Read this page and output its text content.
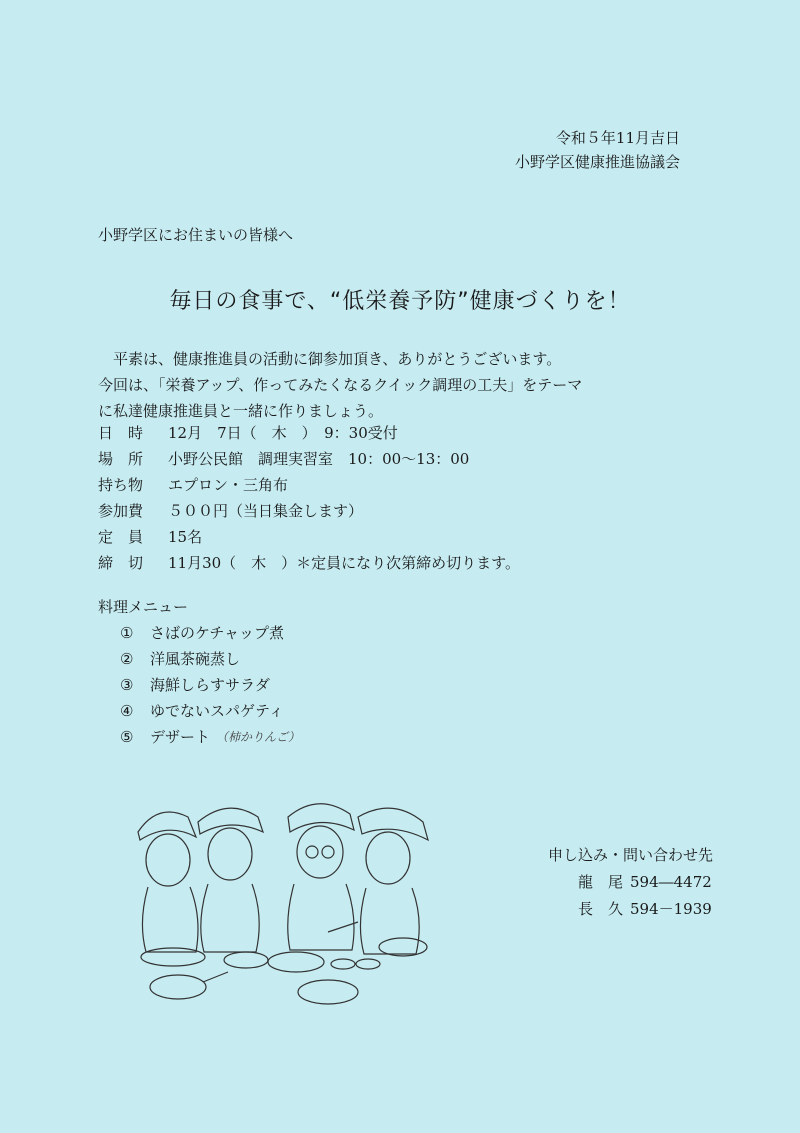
令和５年11月吉日
小野学区健康推進協議会
小野学区にお住まいの皆様へ
毎日の食事で、“低栄養予防”健康づくりを！

　平素は、健康推進員の活動に御参加頂き、ありがとうございます。

今回は、「栄養アップ、作ってみたくなるクイック調理の工夫」をテーマ

に私達健康推進員と一緒に作りましょう。

日　時	12月　7日（　木　）　9：30受付
場　所	小野公民館　調理実習室　10：00～13：00
持ち物	エプロン・三角布
参加費	５００円（当日集金します）
定　員	15名
締　切	11月30（　木　）＊定員になり次第締め切ります。
料理メニュー
①	さばのケチャップ煮
②	洋風茶碗蒸し
③	海鮮しらすサラダ
④	ゆでないスパゲティ
⑤	デザート （柿かりんご）
申し込み・問い合わせ先
龍　尾 594―4472
長　久 594－1939
